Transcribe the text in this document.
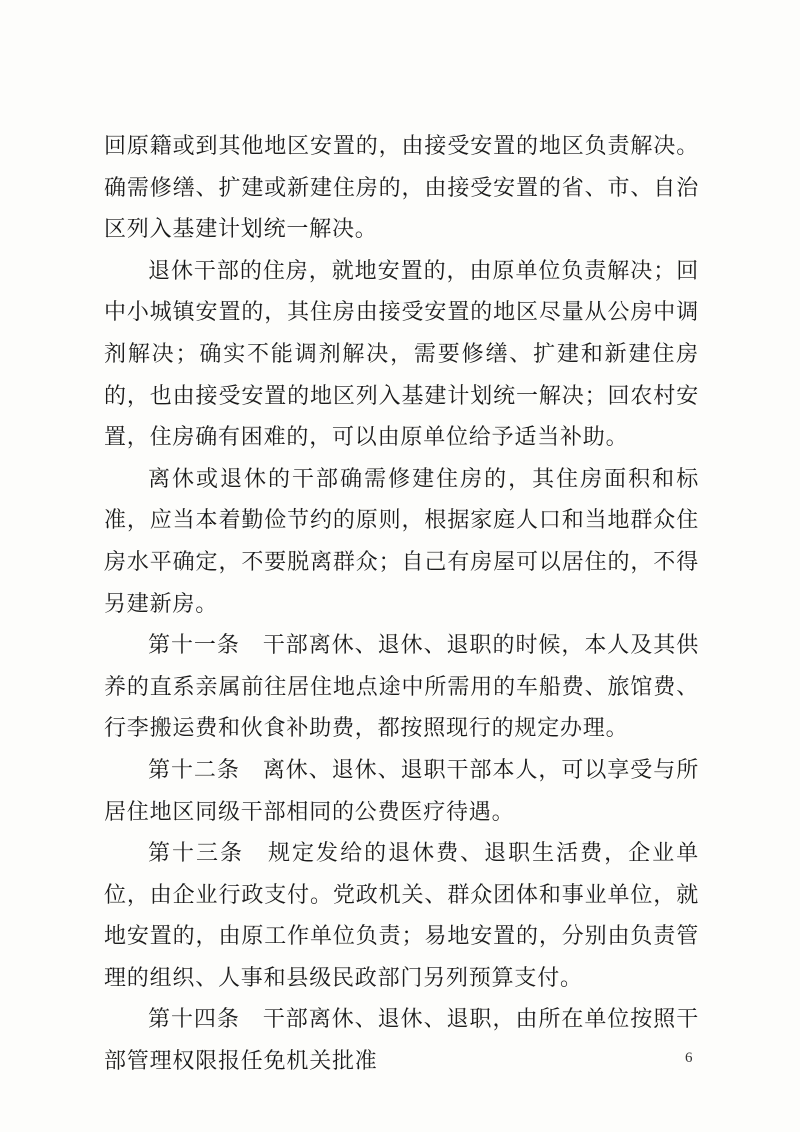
回原籍或到其他地区安置的，由接受安置的地区负责解决。确需修缮、扩建或新建住房的，由接受安置的省、市、自治区列入基建计划统一解决。

退休干部的住房，就地安置的，由原单位负责解决；回中小城镇安置的，其住房由接受安置的地区尽量从公房中调剂解决；确实不能调剂解决，需要修缮、扩建和新建住房的，也由接受安置的地区列入基建计划统一解决；回农村安置，住房确有困难的，可以由原单位给予适当补助。

离休或退休的干部确需修建住房的，其住房面积和标准，应当本着勤俭节约的原则，根据家庭人口和当地群众住房水平确定，不要脱离群众；自己有房屋可以居住的，不得另建新房。

第十一条　干部离休、退休、退职的时候，本人及其供养的直系亲属前往居住地点途中所需用的车船费、旅馆费、行李搬运费和伙食补助费，都按照现行的规定办理。

第十二条　离休、退休、退职干部本人，可以享受与所居住地区同级干部相同的公费医疗待遇。

第十三条　规定发给的退休费、退职生活费，企业单位，由企业行政支付。党政机关、群众团体和事业单位，就地安置的，由原工作单位负责；易地安置的，分别由负责管理的组织、人事和县级民政部门另列预算支付。

第十四条　干部离休、退休、退职，由所在单位按照干部管理权限报任免机关批准	6
